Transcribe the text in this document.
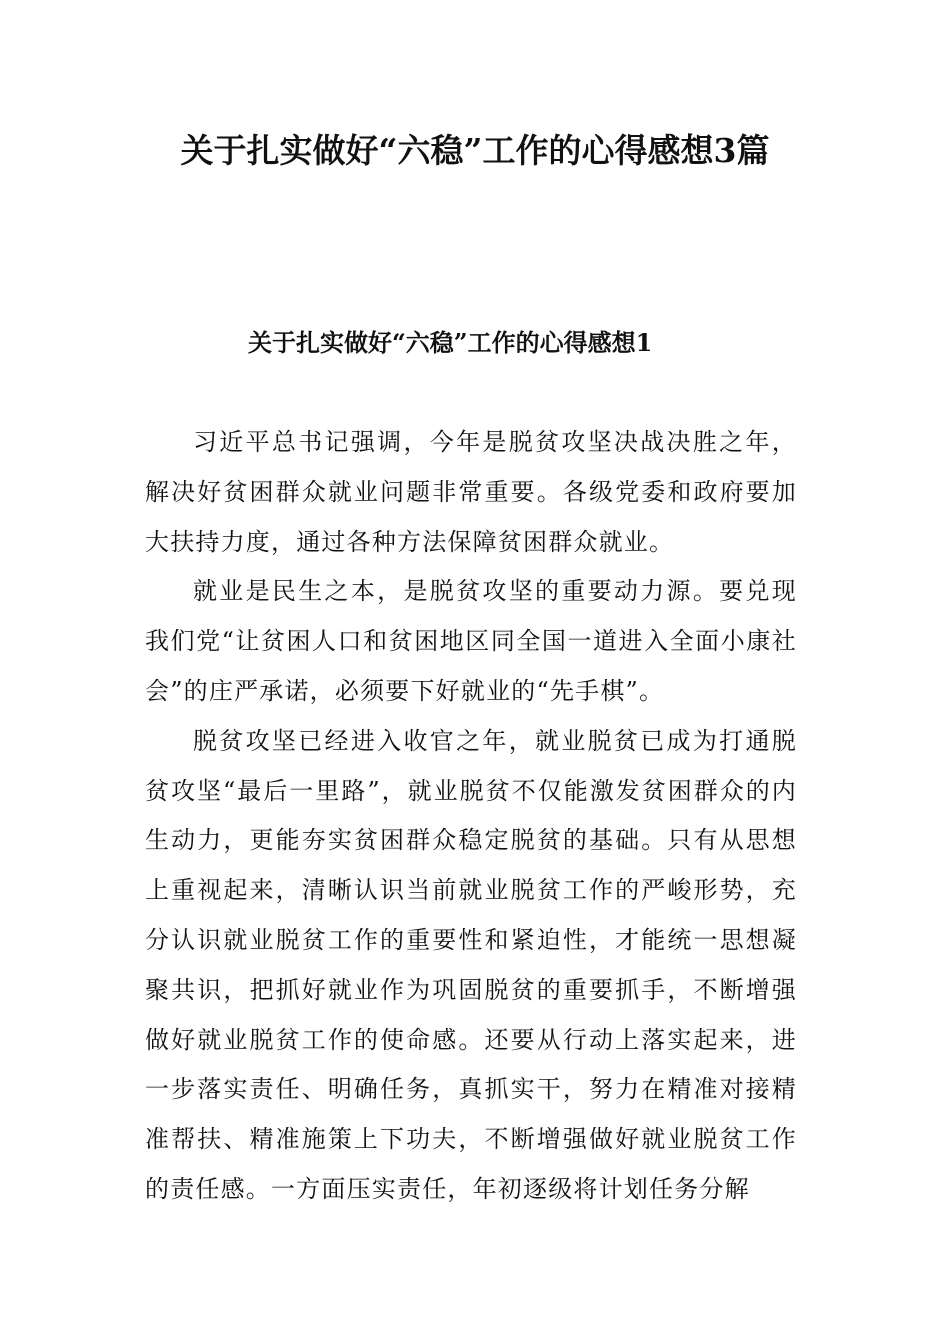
关于扎实做好“六稳”工作的心得感想3篇
关于扎实做好“六稳”工作的心得感想1

习近平总书记强调，今年是脱贫攻坚决战决胜之年，解决好贫困群众就业问题非常重要。各级党委和政府要加大扶持力度，通过各种方法保障贫困群众就业。

就业是民生之本，是脱贫攻坚的重要动力源。要兑现我们党“让贫困人口和贫困地区同全国一道进入全面小康社会”的庄严承诺，必须要下好就业的“先手棋”。

脱贫攻坚已经进入收官之年，就业脱贫已成为打通脱贫攻坚“最后一里路”，就业脱贫不仅能激发贫困群众的内生动力，更能夯实贫困群众稳定脱贫的基础。只有从思想上重视起来，清晰认识当前就业脱贫工作的严峻形势，充分认识就业脱贫工作的重要性和紧迫性，才能统一思想凝聚共识，把抓好就业作为巩固脱贫的重要抓手，不断增强做好就业脱贫工作的使命感。还要从行动上落实起来，进一步落实责任、明确任务，真抓实干，努力在精准对接精准帮扶、精准施策上下功夫，不断增强做好就业脱贫工作的责任感。一方面压实责任，年初逐级将计划任务分解
